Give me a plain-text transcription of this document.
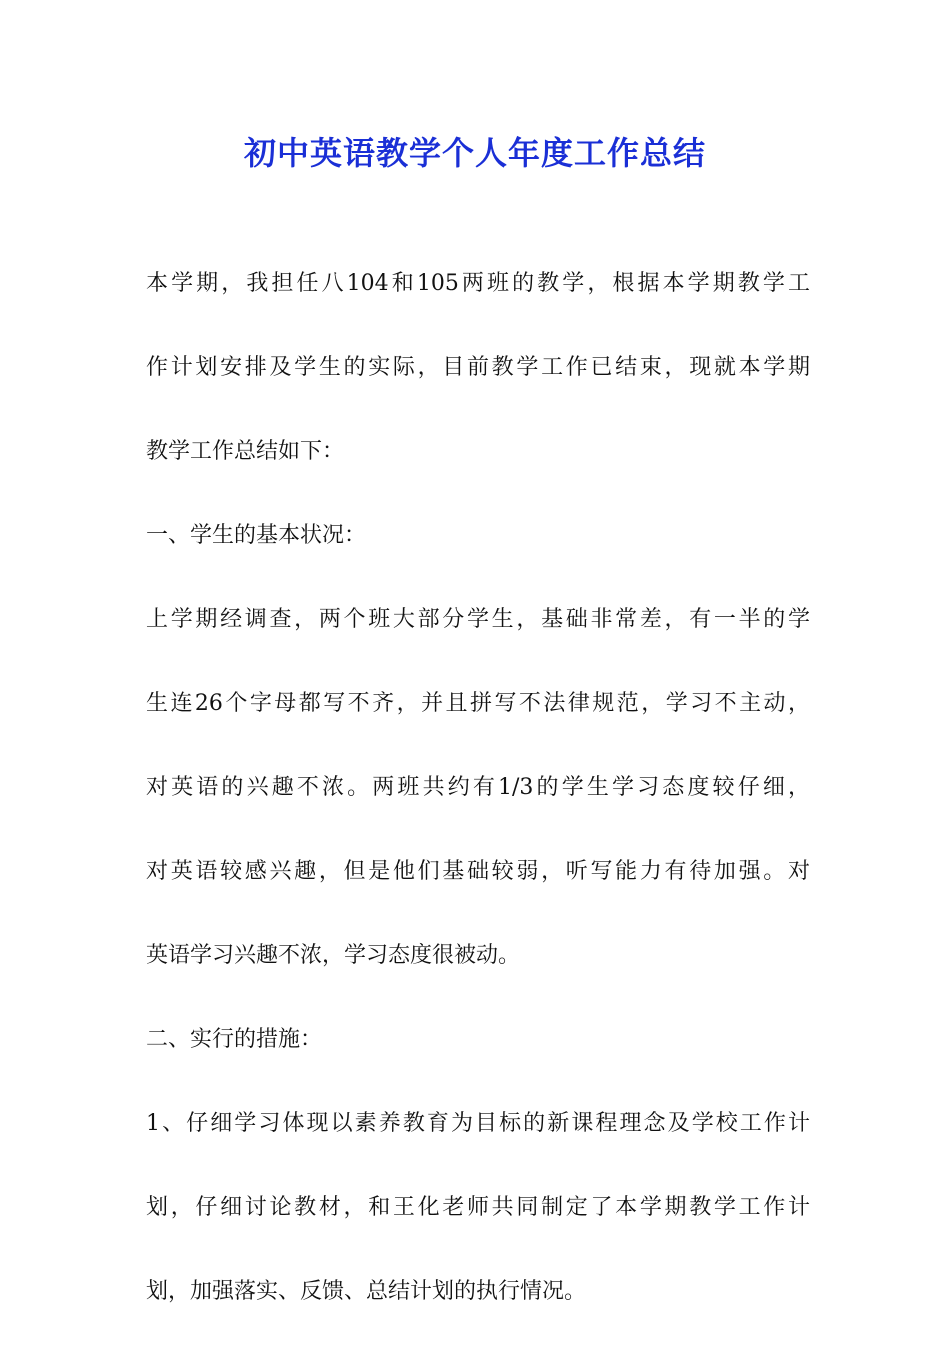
初中英语教学个人年度工作总结
本学期，我担任八104和105两班的教学，根据本学期教学工
作计划安排及学生的实际，目前教学工作已结束，现就本学期
教学工作总结如下：
一、学生的基本状况：
上学期经调查，两个班大部分学生，基础非常差，有一半的学
生连26个字母都写不齐，并且拼写不法律规范，学习不主动，
对英语的兴趣不浓。两班共约有1/3的学生学习态度较仔细，
对英语较感兴趣，但是他们基础较弱，听写能力有待加强。对
英语学习兴趣不浓，学习态度很被动。
二、实行的措施：
1、仔细学习体现以素养教育为目标的新课程理念及学校工作计
划，仔细讨论教材，和王化老师共同制定了本学期教学工作计
划，加强落实、反馈、总结计划的执行情况。
